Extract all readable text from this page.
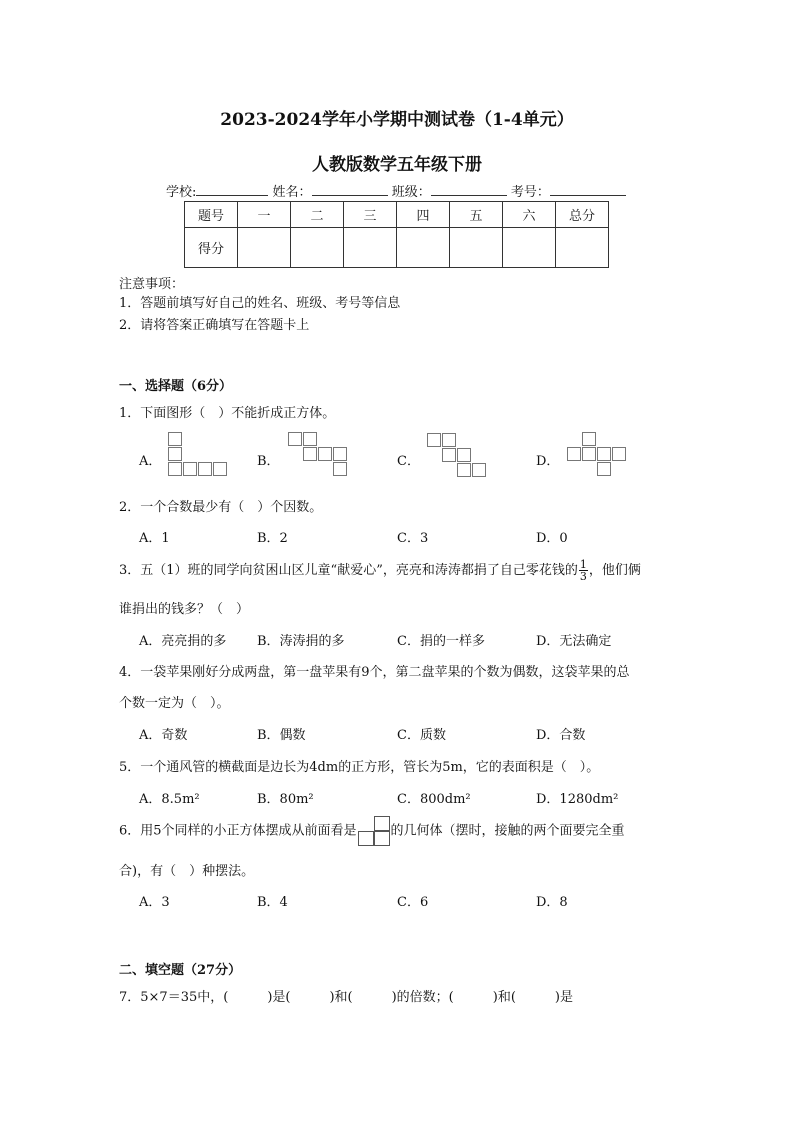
2023-2024学年小学期中测试卷（1-4单元）
人教版数学五年级下册
学校:	姓名：	班级：	考号：
题号	一	二	三	四	五	六	总分
得分							
注意事项：
1．答题前填写好自己的姓名、班级、考号等信息
2．请将答案正确填写在答题卡上
一、选择题（6分）
1．下面图形（　）不能折成正方体。
A．	B．	C．	D．
2．一个合数最少有（　）个因数。
A．1	B．2	C．3	D．0
3．五（1）班的同学向贫困山区儿童“献爱心”，亮亮和涛涛都捐了自己零花钱的 $\frac{1}{3}$ ，他们俩
谁捐出的钱多？（　）
A．亮亮捐的多 B．涛涛捐的多	C．捐的一样多	D．无法确定
4．一袋苹果刚好分成两盘，第一盘苹果有9个，第二盘苹果的个数为偶数，这袋苹果的总
个数一定为（　）。
A．奇数	B．偶数	C．质数	D．合数
5．一个通风管的横截面是边长为4dm的正方形，管长为5m，它的表面积是（　）。
A．8.5m²	B．80m²	C．800dm²	D．1280dm²
6．用5个同样的小正方体摆成从前面看是	的几何体（摆时，接触的两个面要完全重
合)，有（　）种摆法。
A．3	B．4	C．6	D．8
二、填空题（27分）
7．5×7＝35中，(　　　)是(　　　)和(　　　)的倍数；(　　　)和(　　　)是
